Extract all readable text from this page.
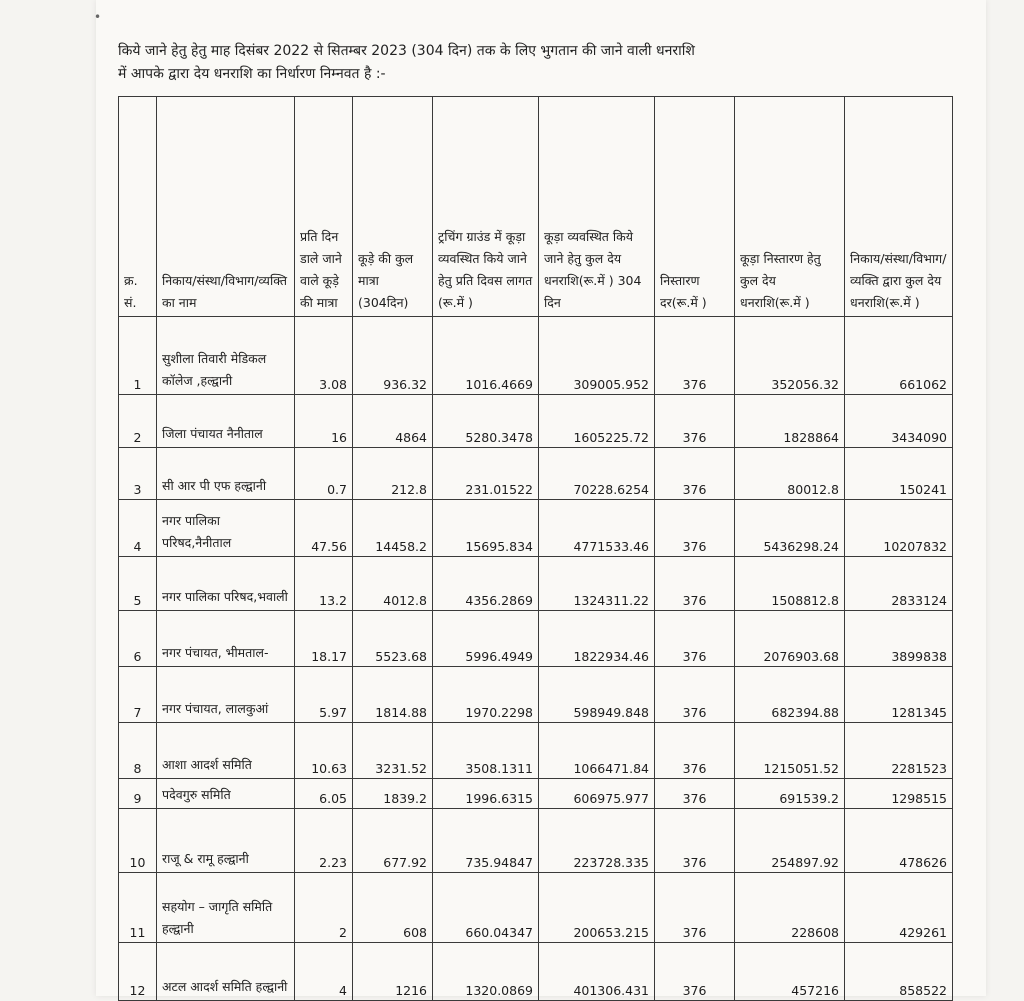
•
किये जाने हेतु हेतु माह दिसंबर 2022 से सितम्बर 2023 (304 दिन) तक के लिए भुगतान की जाने वाली धनराशि
में आपके द्वारा देय धनराशि का निर्धारण निम्नवत है :-
क्र. सं.	निकाय/संस्था/विभाग/व्यक्ति का नाम	प्रति दिन डाले जाने वाले कूड़े की मात्रा	कूड़े की कुल मात्रा (304दिन)	ट्रचिंग ग्राउंड में कूड़ा व्यवस्थित किये जाने हेतु प्रति दिवस लागत (रू.में )	कूड़ा व्यवस्थित किये जाने हेतु कुल देय धनराशि(रू.में ) 304 दिन	निस्तारण दर(रू.में )	कूड़ा निस्तारण हेतु कुल देय धनराशि(रू.में )	निकाय/संस्था/विभाग/व्यक्ति द्वारा कुल देय धनराशि(रू.में )
1	सुशीला तिवारी मेडिकल कॉलेज ,हल्द्वानी	3.08	936.32	1016.4669	309005.952	376	352056.32	661062
2	जिला पंचायत नैनीताल	16	4864	5280.3478	1605225.72	376	1828864	3434090
3	सी आर पी एफ हल्द्वानी	0.7	212.8	231.01522	70228.6254	376	80012.8	150241
4	नगर पालिका परिषद,नैनीताल	47.56	14458.2	15695.834	4771533.46	376	5436298.24	10207832
5	नगर पालिका परिषद,भवाली	13.2	4012.8	4356.2869	1324311.22	376	1508812.8	2833124
6	नगर पंचायत, भीमताल-	18.17	5523.68	5996.4949	1822934.46	376	2076903.68	3899838
7	नगर पंचायत, लालकुआं	5.97	1814.88	1970.2298	598949.848	376	682394.88	1281345
8	आशा आदर्श समिति	10.63	3231.52	3508.1311	1066471.84	376	1215051.52	2281523
9	पदेवगुरु समिति	6.05	1839.2	1996.6315	606975.977	376	691539.2	1298515
10	राजू & रामू हल्द्वानी	2.23	677.92	735.94847	223728.335	376	254897.92	478626
11	सहयोग – जागृति समिति हल्द्वानी	2	608	660.04347	200653.215	376	228608	429261
12	अटल आदर्श समिति हल्द्वानी	4	1216	1320.0869	401306.431	376	457216	858522
